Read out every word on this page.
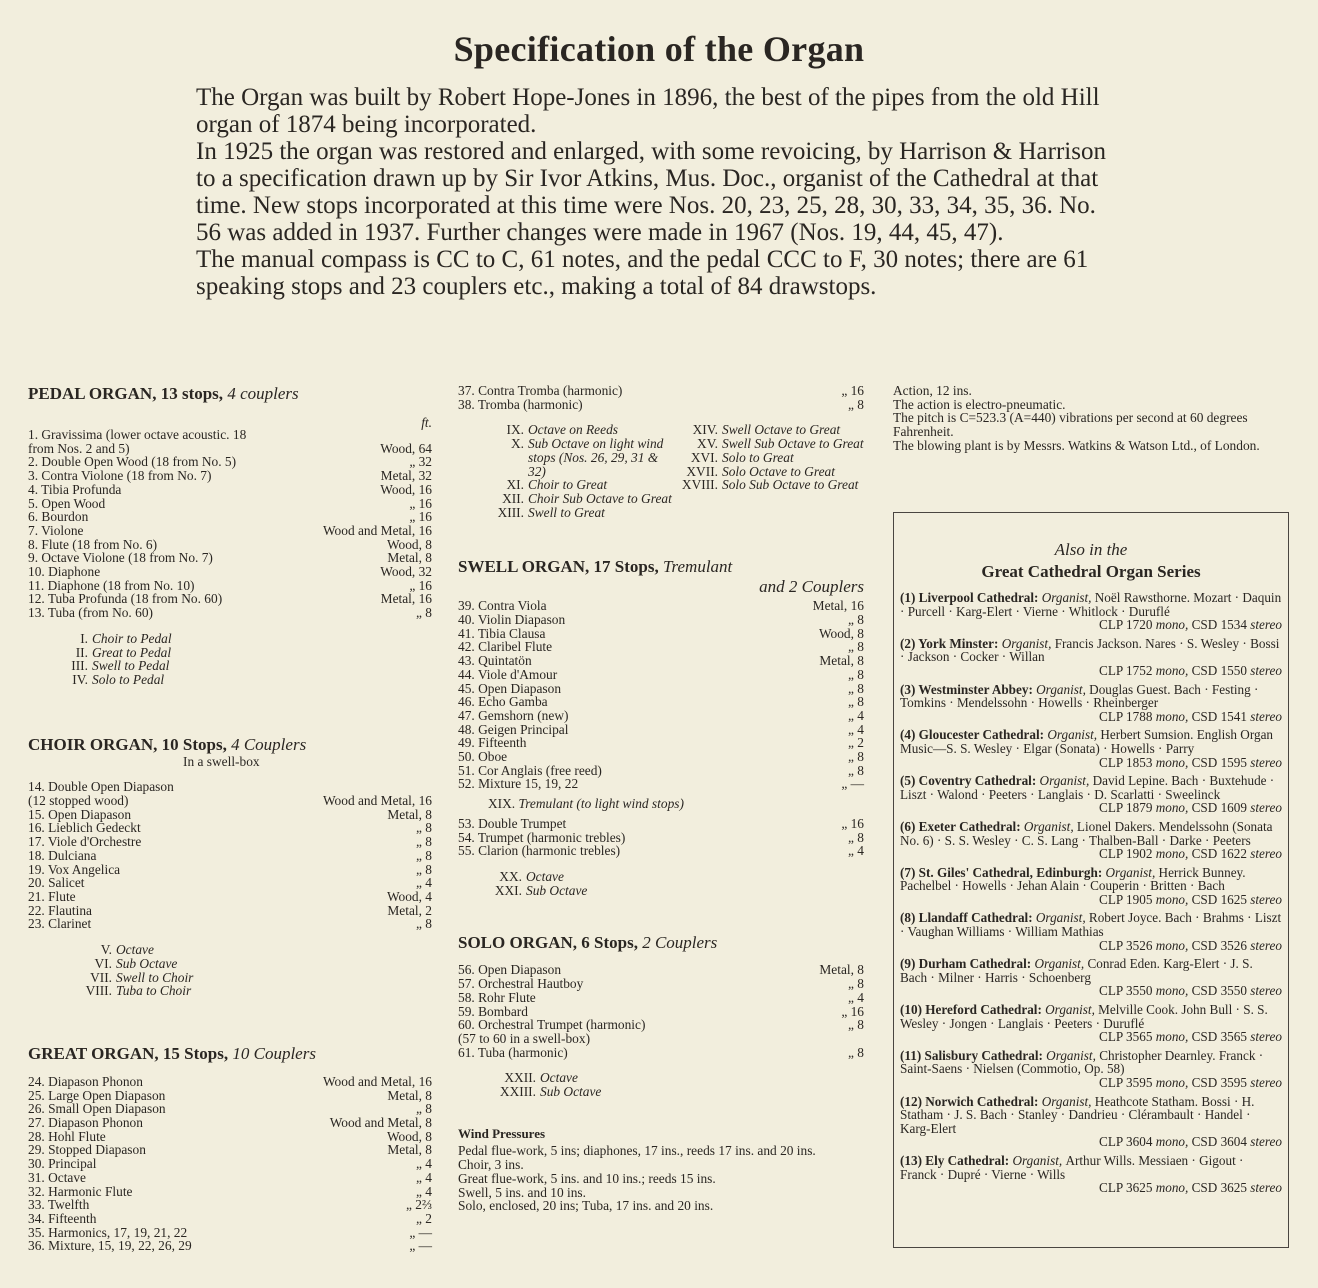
Specification of the Organ

The Organ was built by Robert Hope-Jones in 1896, the best of the pipes from the old Hill organ of 1874 being incorporated.

In 1925 the organ was restored and enlarged, with some revoicing, by Harrison & Harrison to a specification drawn up by Sir Ivor Atkins, Mus. Doc., organist of the Cathedral at that time. New stops incorporated at this time were Nos. 20, 23, 25, 28, 30, 33, 34, 35, 36. No. 56 was added in 1937. Further changes were made in 1967 (Nos. 19, 44, 45, 47).

The manual compass is CC to C, 61 notes, and the pedal CCC to F, 30 notes; there are 61 speaking stops and 23 couplers etc., making a total of 84 drawstops.

PEDAL ORGAN, 13 stops, 4 couplers
ft.
1. Gravissima (lower octave acoustic. 18
from Nos. 2 and 5)	Wood, 64
2. Double Open Wood (18 from No. 5)	„ 32
3. Contra Violone (18 from No. 7)	Metal, 32
4. Tibia Profunda	Wood, 16
5. Open Wood	„ 16
6. Bourdon	„ 16
7. Violone	Wood and Metal, 16
8. Flute (18 from No. 6)	Wood, 8
9. Octave Violone (18 from No. 7)	Metal, 8
10. Diaphone	Wood, 32
11. Diaphone (18 from No. 10)	„ 16
12. Tuba Profunda (18 from No. 60)	Metal, 16
13. Tuba (from No. 60)	„ 8
I. Choir to Pedal
II. Great to Pedal
III. Swell to Pedal
IV. Solo to Pedal
CHOIR ORGAN, 10 Stops, 4 Couplers
In a swell-box
14. Double Open Diapason
(12 stopped wood)	Wood and Metal, 16
15. Open Diapason	Metal, 8
16. Lieblich Gedeckt	„ 8
17. Viole d'Orchestre	„ 8
18. Dulciana	„ 8
19. Vox Angelica	„ 8
20. Salicet	„ 4
21. Flute	Wood, 4
22. Flautina	Metal, 2
23. Clarinet	„ 8
V. Octave
VI. Sub Octave
VII. Swell to Choir
VIII. Tuba to Choir
GREAT ORGAN, 15 Stops, 10 Couplers
24. Diapason Phonon	Wood and Metal, 16
25. Large Open Diapason	Metal, 8
26. Small Open Diapason	„ 8
27. Diapason Phonon	Wood and Metal, 8
28. Hohl Flute	Wood, 8
29. Stopped Diapason	Metal, 8
30. Principal	„ 4
31. Octave	„ 4
32. Harmonic Flute	„ 4
33. Twelfth	„ 2⅔
34. Fifteenth	„ 2
35. Harmonics, 17, 19, 21, 22	„ —
36. Mixture, 15, 19, 22, 26, 29	„ —
37. Contra Tromba (harmonic)	„ 16
38. Tromba (harmonic)	„ 8
IX. Octave on Reeds
X. Sub Octave on light wind stops (Nos. 26, 29, 31 & 32)
XI. Choir to Great
XII. Choir Sub Octave to Great
XIII. Swell to Great
XIV. Swell Octave to Great
XV. Swell Sub Octave to Great
XVI. Solo to Great
XVII. Solo Octave to Great
XVIII. Solo Sub Octave to Great
SWELL ORGAN, 17 Stops, Tremulant
and 2 Couplers
39. Contra Viola	Metal, 16
40. Violin Diapason	„ 8
41. Tibia Clausa	Wood, 8
42. Claribel Flute	„ 8
43. Quintatön	Metal, 8
44. Viole d'Amour	„ 8
45. Open Diapason	„ 8
46. Echo Gamba	„ 8
47. Gemshorn (new)	„ 4
48. Geigen Principal	„ 4
49. Fifteenth	„ 2
50. Oboe	„ 8
51. Cor Anglais (free reed)	„ 8
52. Mixture 15, 19, 22	„ —
XIX.
Tremulant (to light wind stops)
53. Double Trumpet	„ 16
54. Trumpet (harmonic trebles)	„ 8
55. Clarion (harmonic trebles)	„ 4
XX. Octave
XXI. Sub Octave
SOLO ORGAN, 6 Stops, 2 Couplers
56. Open Diapason	Metal, 8
57. Orchestral Hautboy	„ 8
58. Rohr Flute	„ 4
59. Bombard	„ 16
60. Orchestral Trumpet (harmonic)	„ 8
(57 to 60 in a swell-box)
61. Tuba (harmonic)	„ 8
XXII. Octave
XXIII. Sub Octave
Wind Pressures
Pedal flue-work, 5 ins; diaphones, 17 ins., reeds 17 ins. and 20 ins.
Choir, 3 ins.
Great flue-work, 5 ins. and 10 ins.; reeds 15 ins.
Swell, 5 ins. and 10 ins.
Solo, enclosed, 20 ins; Tuba, 17 ins. and 20 ins.
Action, 12 ins.
The action is electro-pneumatic.
The pitch is C=523.3 (A=440) vibrations per second at 60 degrees Fahrenheit.
The blowing plant is by Messrs. Watkins & Watson Ltd., of London.
Also in the
Great Cathedral Organ Series
(1) Liverpool Cathedral: Organist, Noël Rawsthorne. Mozart · Daquin · Purcell · Karg-Elert · Vierne · Whitlock · Duruflé
CLP 1720 mono, CSD 1534 stereo
(2) York Minster: Organist, Francis Jackson. Nares · S. Wesley · Bossi · Jackson · Cocker · Willan
CLP 1752 mono, CSD 1550 stereo
(3) Westminster Abbey: Organist, Douglas Guest. Bach · Festing · Tomkins · Mendelssohn · Howells · Rheinberger
CLP 1788 mono, CSD 1541 stereo
(4) Gloucester Cathedral: Organist, Herbert Sumsion. English Organ Music—S. S. Wesley · Elgar (Sonata) · Howells · Parry
CLP 1853 mono, CSD 1595 stereo
(5) Coventry Cathedral: Organist, David Lepine. Bach · Buxtehude · Liszt · Walond · Peeters · Langlais · D. Scarlatti · Sweelinck
CLP 1879 mono, CSD 1609 stereo
(6) Exeter Cathedral: Organist, Lionel Dakers. Mendelssohn (Sonata No. 6) · S. S. Wesley · C. S. Lang · Thalben-Ball · Darke · Peeters
CLP 1902 mono, CSD 1622 stereo
(7) St. Giles' Cathedral, Edinburgh: Organist, Herrick Bunney. Pachelbel · Howells · Jehan Alain · Couperin · Britten · Bach
CLP 1905 mono, CSD 1625 stereo
(8) Llandaff Cathedral: Organist, Robert Joyce. Bach · Brahms · Liszt · Vaughan Williams · William Mathias
CLP 3526 mono, CSD 3526 stereo
(9) Durham Cathedral: Organist, Conrad Eden. Karg-Elert · J. S. Bach · Milner · Harris · Schoenberg
CLP 3550 mono, CSD 3550 stereo
(10) Hereford Cathedral: Organist, Melville Cook. John Bull · S. S. Wesley · Jongen · Langlais · Peeters · Duruflé
CLP 3565 mono, CSD 3565 stereo
(11) Salisbury Cathedral: Organist, Christopher Dearnley. Franck · Saint-Saens · Nielsen (Commotio, Op. 58)
CLP 3595 mono, CSD 3595 stereo
(12) Norwich Cathedral: Organist, Heathcote Statham. Bossi · H. Statham · J. S. Bach · Stanley · Dandrieu · Clérambault · Handel · Karg-Elert
CLP 3604 mono, CSD 3604 stereo
(13) Ely Cathedral: Organist, Arthur Wills. Messiaen · Gigout · Franck · Dupré · Vierne · Wills
CLP 3625 mono, CSD 3625 stereo
